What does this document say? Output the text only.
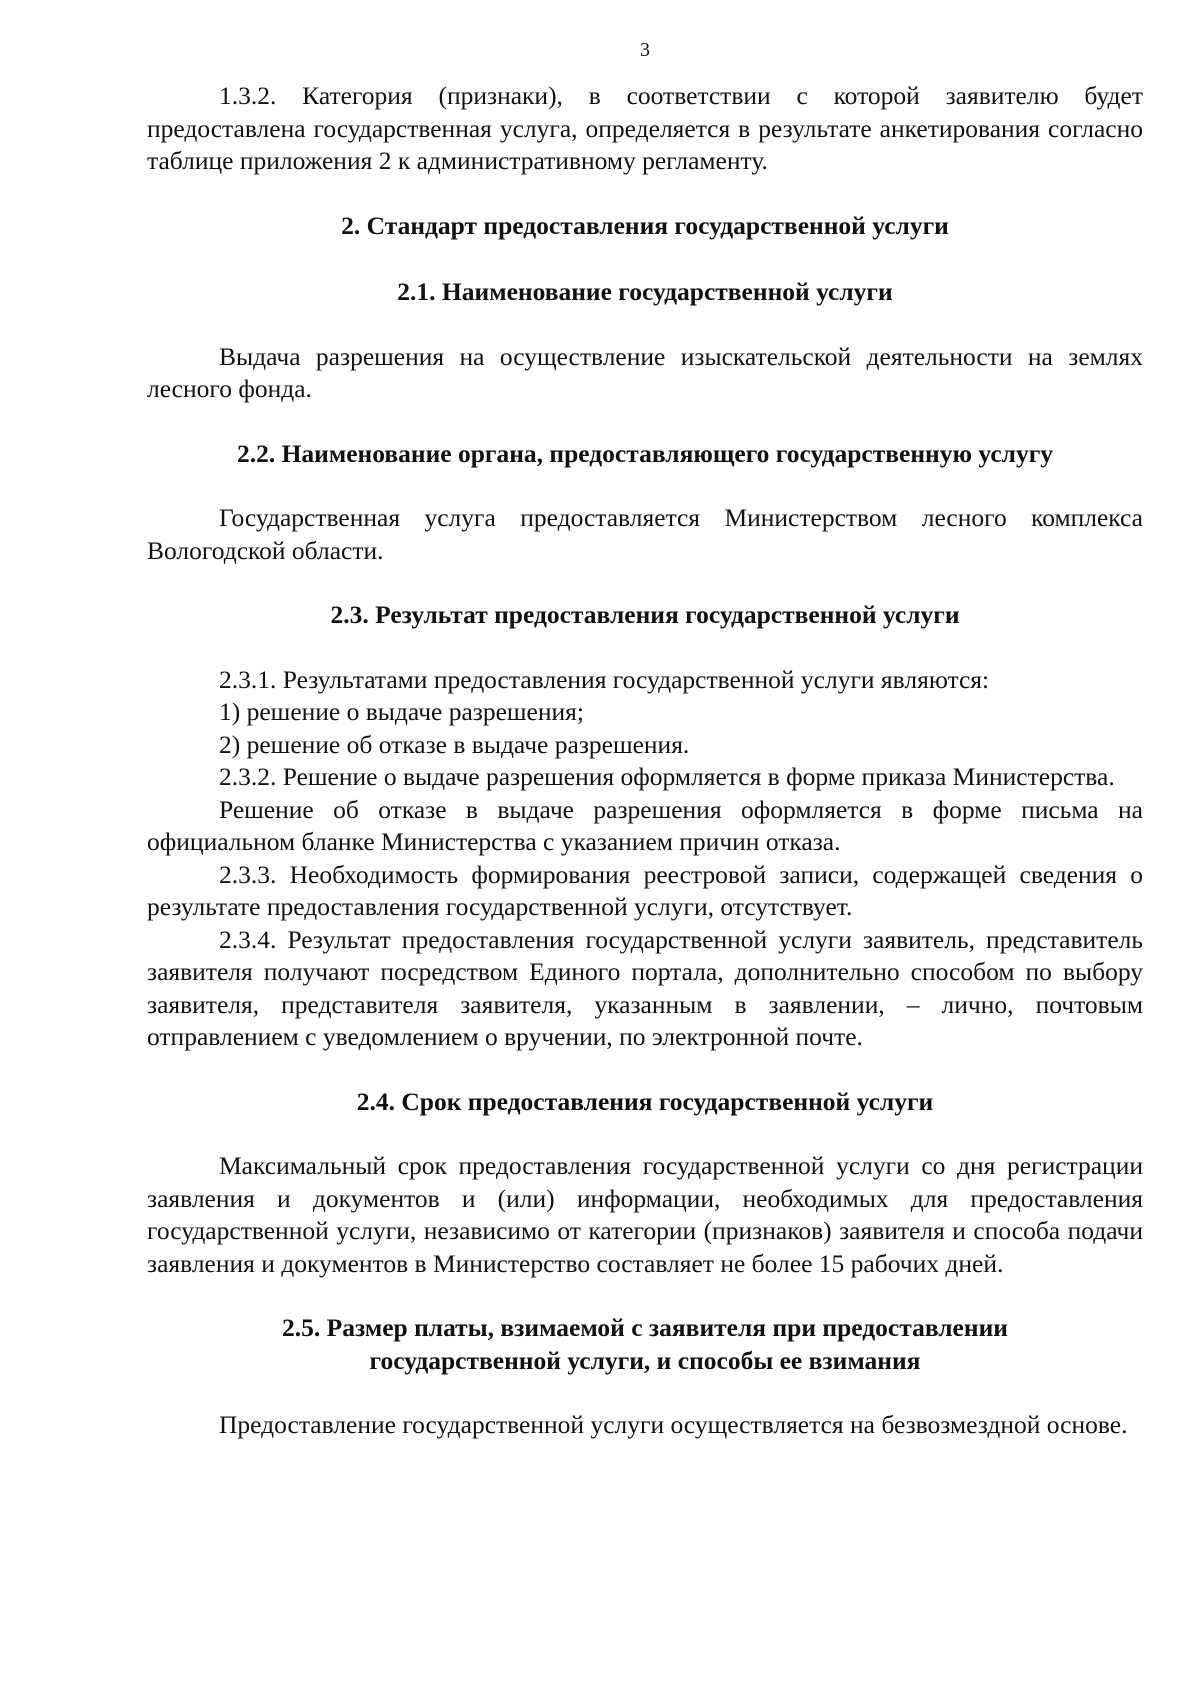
3

1.3.2. Категория (признаки), в соответствии с которой заявителю будет предоставлена государственная услуга, определяется в результате анкетирования согласно таблице приложения 2 к административному регламенту.

2. Стандарт предоставления государственной услуги
2.1. Наименование государственной услуги

Выдача разрешения на осуществление изыскательской деятельности на землях лесного фонда.

2.2. Наименование органа, предоставляющего государственную услугу

Государственная услуга предоставляется Министерством лесного комплекса Вологодской области.

2.3. Результат предоставления государственной услуги

2.3.1. Результатами предоставления государственной услуги являются:

1) решение о выдаче разрешения;

2) решение об отказе в выдаче разрешения.

2.3.2. Решение о выдаче разрешения оформляется в форме приказа Министерства.

Решение об отказе в выдаче разрешения оформляется в форме письма на официальном бланке Министерства с указанием причин отказа.

2.3.3. Необходимость формирования реестровой записи, содержащей сведения о результате предоставления государственной услуги, отсутствует.

2.3.4. Результат предоставления государственной услуги заявитель, представитель заявителя получают посредством Единого портала, дополнительно способом по выбору заявителя, представителя заявителя, указанным в заявлении, – лично, почтовым отправлением с уведомлением о вручении, по электронной почте.

2.4. Срок предоставления государственной услуги

Максимальный срок предоставления государственной услуги со дня регистрации заявления и документов и (или) информации, необходимых для предоставления государственной услуги, независимо от категории (признаков) заявителя и способа подачи заявления и документов в Министерство составляет не более 15 рабочих дней.

2.5. Размер платы, взимаемой с заявителя при предоставлении
государственной услуги, и способы ее взимания

Предоставление государственной услуги осуществляется на безвозмездной основе.
